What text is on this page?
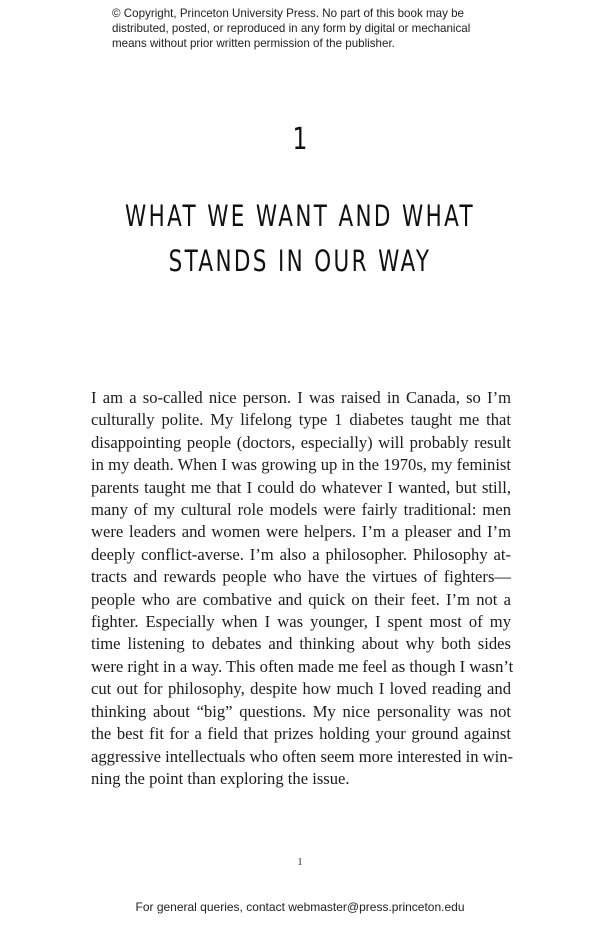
© Copyright, Princeton University Press. No part of this book may be
distributed, posted, or reproduced in any form by digital or mechanical
means without prior written permission of the publisher.
1
WHAT WE WANT AND WHAT
STANDS IN OUR WAY
I am a so-called nice person. I was raised in Canada, so I’m
culturally polite. My lifelong type 1 diabetes taught me that
disappointing people (doctors, especially) will probably result
in my death. When I was growing up in the 1970s, my feminist
parents taught me that I could do whatever I wanted, but still,
many of my cultural role models were fairly traditional: men
were leaders and women were helpers. I’m a pleaser and I’m
deeply conflict-averse. I’m also a philosopher. Philosophy at-
tracts and rewards people who have the virtues of fighters—
people who are combative and quick on their feet. I’m not a
fighter. Especially when I was younger, I spent most of my
time listening to debates and thinking about why both sides
were right in a way. This often made me feel as though I wasn’t
cut out for philosophy, despite how much I loved reading and
thinking about “big” questions. My nice personality was not
the best fit for a field that prizes holding your ground against
aggressive intellectuals who often seem more interested in win-
ning the point than exploring the issue.
1
For general queries, contact webmaster@press.princeton.edu
